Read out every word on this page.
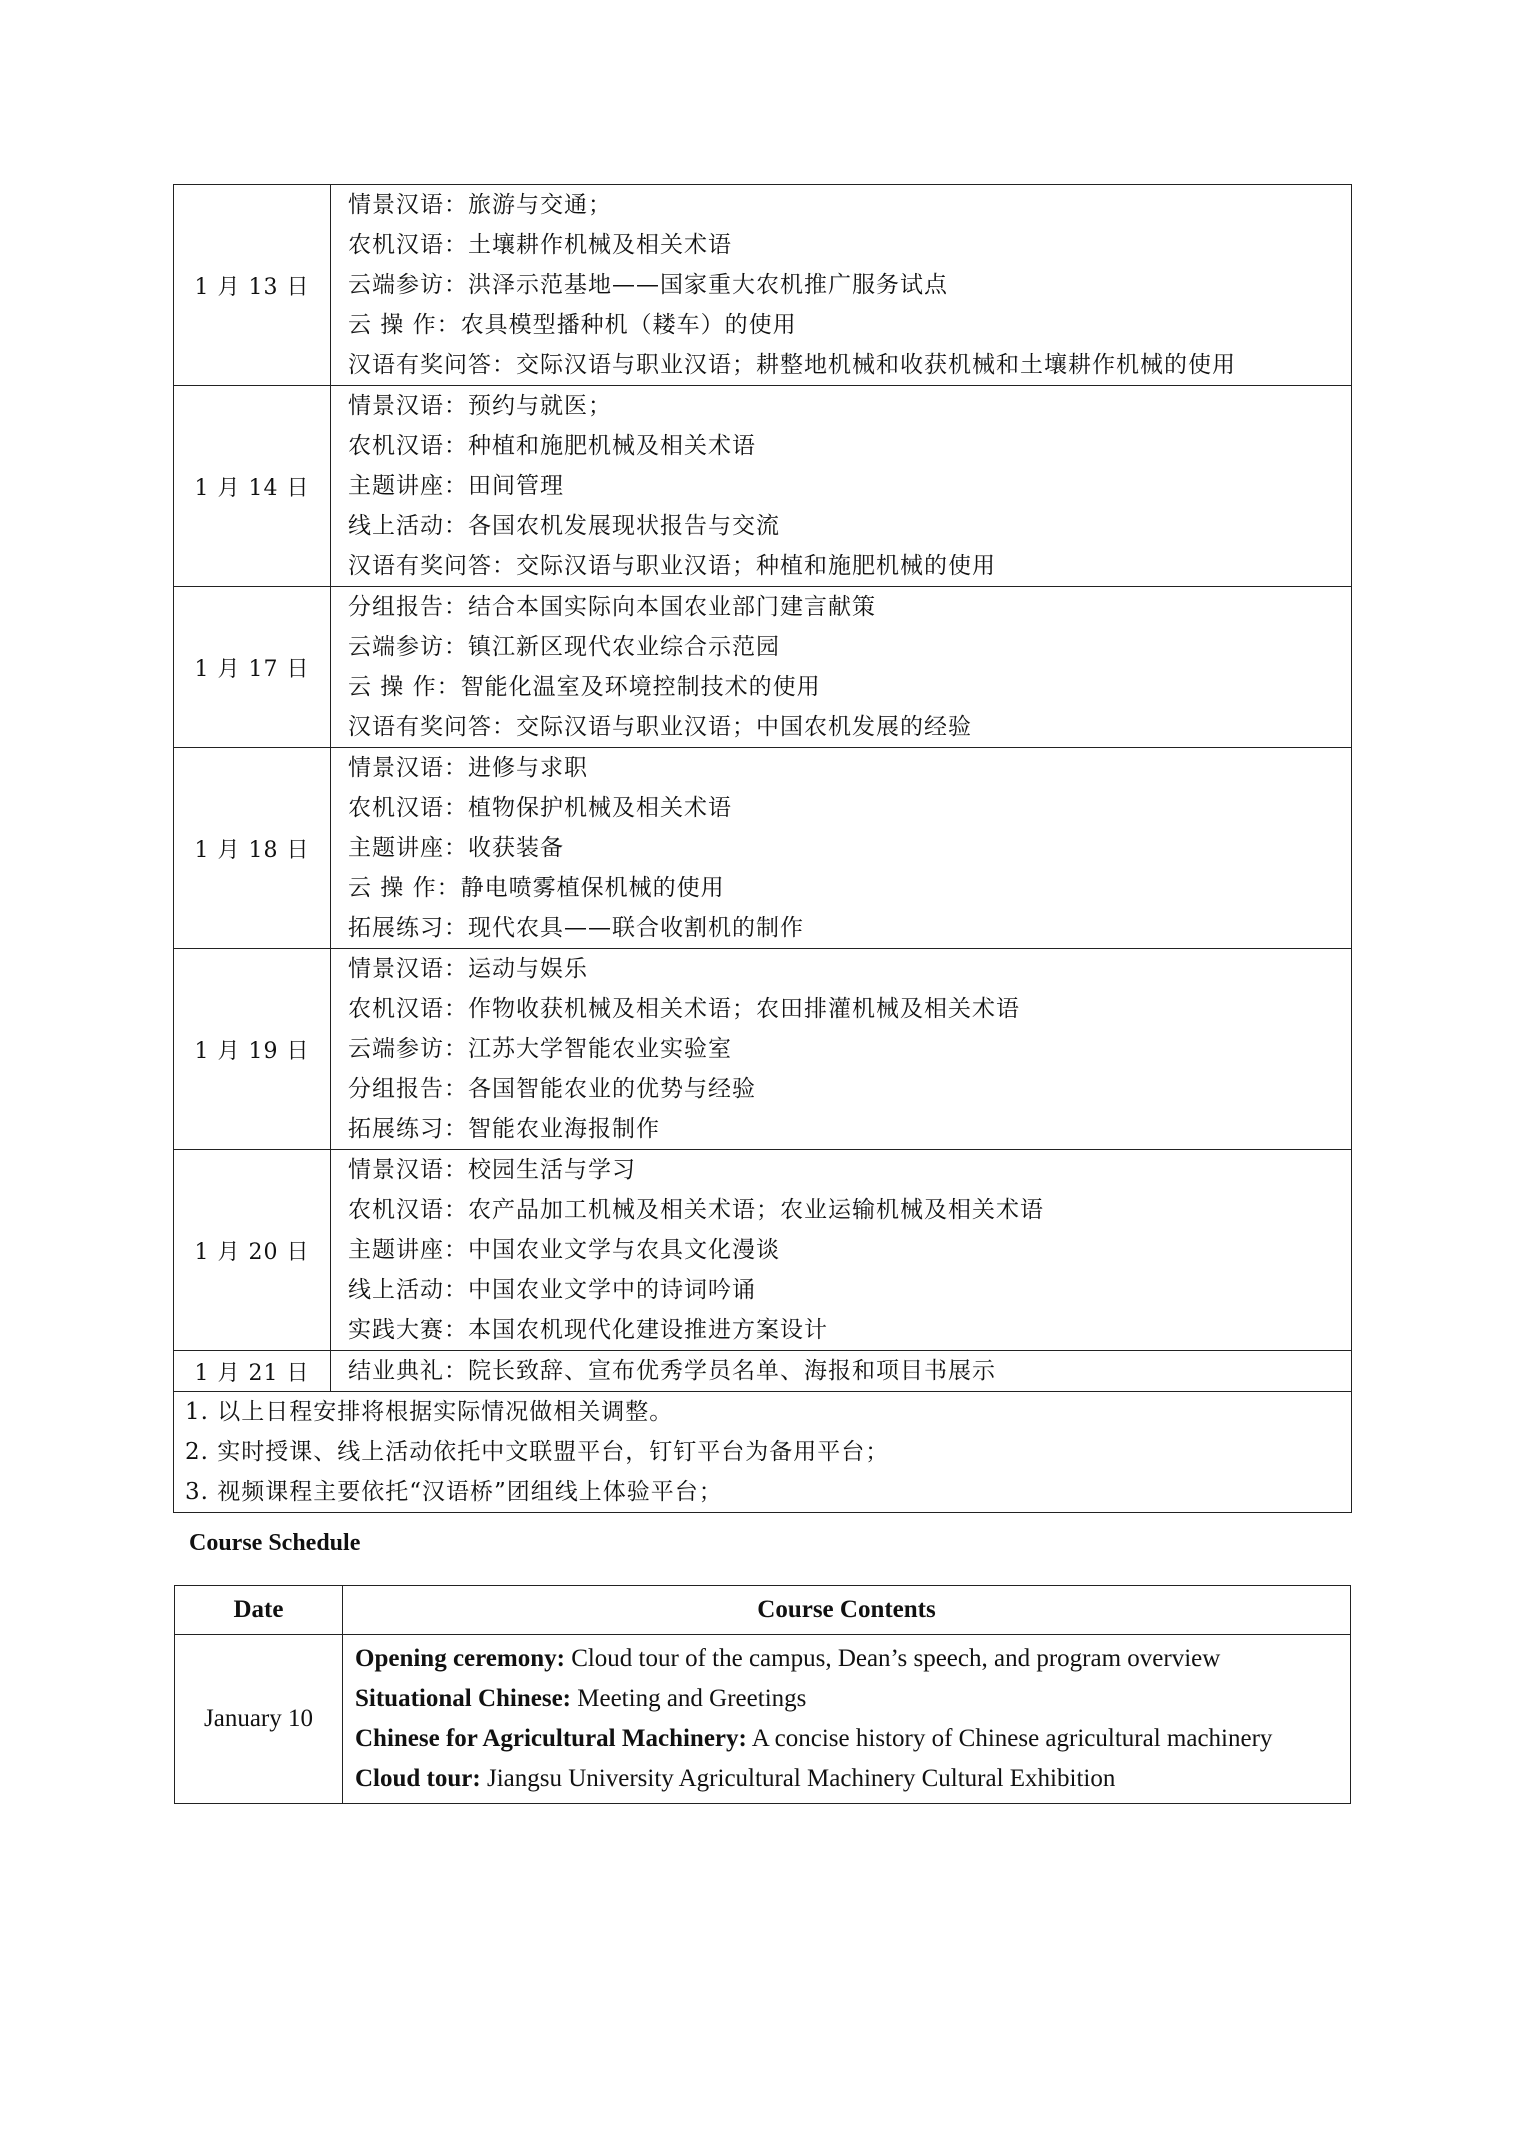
1 月 13 日	情景汉语：旅游与交通；
农机汉语：土壤耕作机械及相关术语
云端参访：洪泽示范基地——国家重大农机推广服务试点
云 操 作：农具模型播种机（耧车）的使用
汉语有奖问答：交际汉语与职业汉语；耕整地机械和收获机械和土壤耕作机械的使用

1 月 14 日	情景汉语：预约与就医；
农机汉语：种植和施肥机械及相关术语
主题讲座：田间管理
线上活动：各国农机发展现状报告与交流
汉语有奖问答：交际汉语与职业汉语；种植和施肥机械的使用

1 月 17 日	分组报告：结合本国实际向本国农业部门建言献策
云端参访：镇江新区现代农业综合示范园
云 操 作：智能化温室及环境控制技术的使用
汉语有奖问答：交际汉语与职业汉语；中国农机发展的经验

1 月 18 日	情景汉语：进修与求职
农机汉语：植物保护机械及相关术语
主题讲座：收获装备
云 操 作：静电喷雾植保机械的使用
拓展练习：现代农具——联合收割机的制作

1 月 19 日	情景汉语：运动与娱乐
农机汉语：作物收获机械及相关术语；农田排灌机械及相关术语
云端参访：江苏大学智能农业实验室
分组报告：各国智能农业的优势与经验
拓展练习：智能农业海报制作

1 月 20 日	情景汉语：校园生活与学习
农机汉语：农产品加工机械及相关术语；农业运输机械及相关术语
主题讲座：中国农业文学与农具文化漫谈
线上活动：中国农业文学中的诗词吟诵
实践大赛：本国农机现代化建设推进方案设计

1 月 21 日	结业典礼：院长致辞、宣布优秀学员名单、海报和项目书展示

1. 以上日程安排将根据实际情况做相关调整。
2. 实时授课、线上活动依托中文联盟平台，钉钉平台为备用平台；
3. 视频课程主要依托“汉语桥”团组线上体验平台；	
Course Schedule
Date	Course Contents
January 10	Opening ceremony: Cloud tour of the campus, Dean’s speech, and program overview
Situational Chinese: Meeting and Greetings
Chinese for Agricultural Machinery: A concise history of Chinese agricultural machinery
Cloud tour: Jiangsu University Agricultural Machinery Cultural Exhibition
